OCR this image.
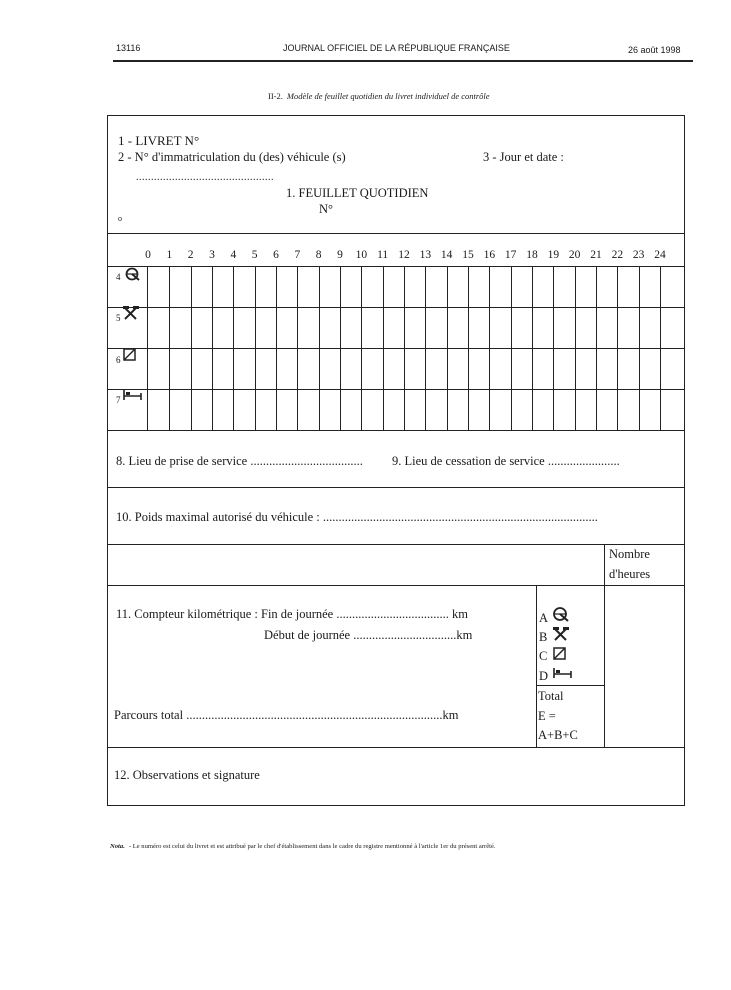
13116	JOURNAL OFFICIEL DE LA RÉPUBLIQUE FRANÇAISE	26 août 1998
II-2. Modèle de feuillet quotidien du livret individuel de contrôle
1 - LIVRET N°
2 - N° d'immatriculation du (des) véhicule (s)	3 - Jour et date :
..............................................
1. FEUILLET QUOTIDIEN
N°
o
0	1	2	3	4	5	6	7	8	9	10 11 12 13 14 15 16 17 18 19 20 21 22 23 24
4
5
6
7
8. Lieu de prise de service .................................... 9. Lieu de cessation de service .......................
10. Poids maximal autorisé du véhicule : ........................................................................................
Nombre
d'heures
11. Compteur kilométrique : Fin de journée .................................... km
Début de journée .................................km
Parcours total ..................................................................................km
A
B
C
D
Total
E =
A+B+C
12. Observations et signature
Nota. - Le numéro est celui du livret et est attribué par le chef d'établissement dans le cadre du registre mentionné à l'article 1er du présent arrêté.
